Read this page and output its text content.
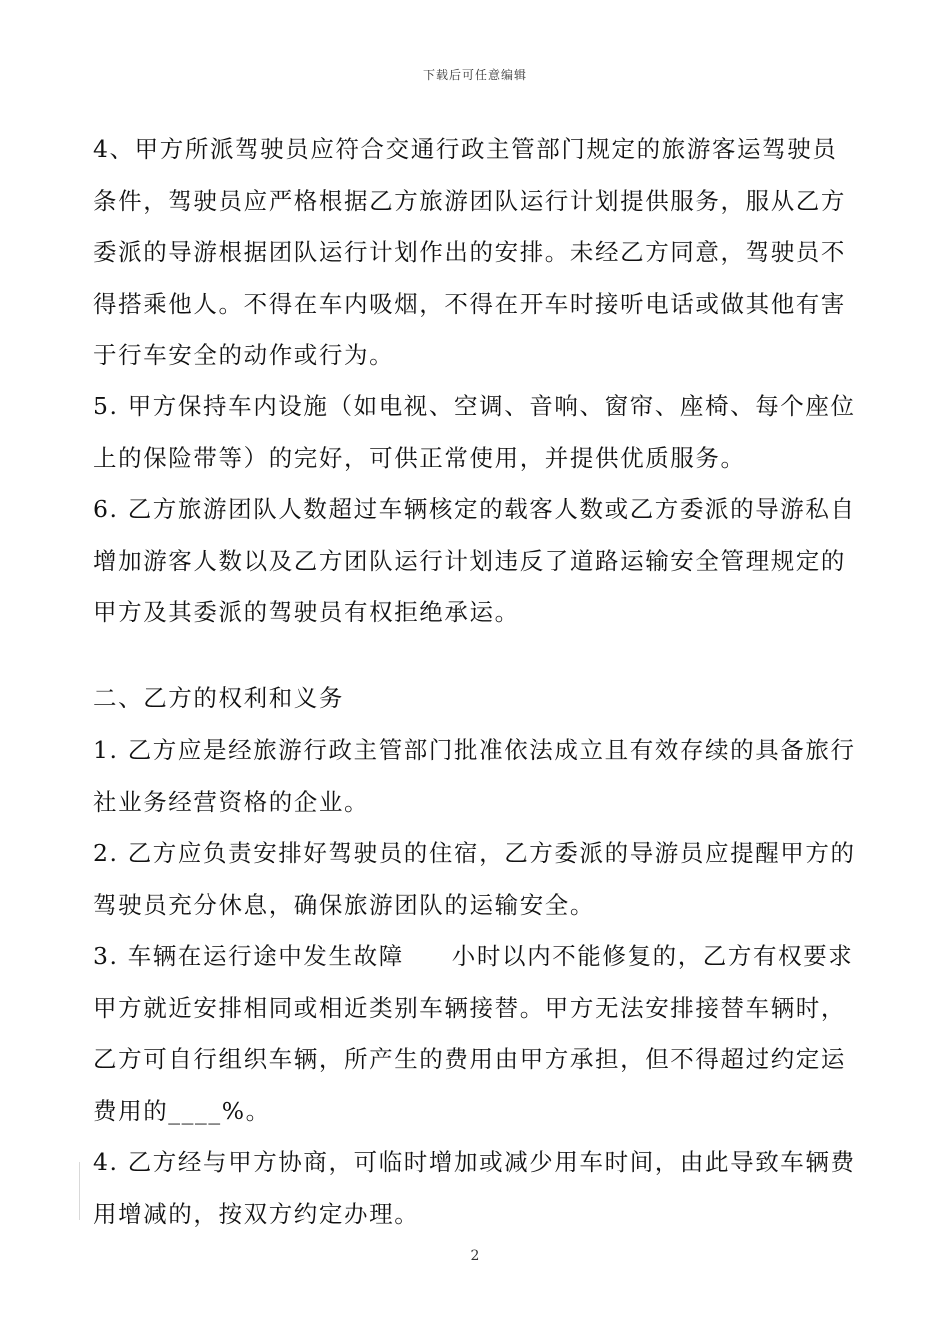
下载后可任意编辑
4、甲方所派驾驶员应符合交通行政主管部门规定的旅游客运驾驶员
条件，驾驶员应严格根据乙方旅游团队运行计划提供服务，服从乙方
委派的导游根据团队运行计划作出的安排。未经乙方同意，驾驶员不
得搭乘他人。不得在车内吸烟，不得在开车时接听电话或做其他有害
于行车安全的动作或行为。
5. 甲方保持车内设施（如电视、空调、音响、窗帘、座椅、每个座位
上的保险带等）的完好，可供正常使用，并提供优质服务。
6. 乙方旅游团队人数超过车辆核定的载客人数或乙方委派的导游私自
增加游客人数以及乙方团队运行计划违反了道路运输安全管理规定的
甲方及其委派的驾驶员有权拒绝承运。
二、乙方的权利和义务
1. 乙方应是经旅游行政主管部门批准依法成立且有效存续的具备旅行
社业务经营资格的企业。
2. 乙方应负责安排好驾驶员的住宿，乙方委派的导游员应提醒甲方的
驾驶员充分休息，确保旅游团队的运输安全。
3. 车辆在运行途中发生故障 小时以内不能修复的，乙方有权要求
甲方就近安排相同或相近类别车辆接替。甲方无法安排接替车辆时，
乙方可自行组织车辆，所产生的费用由甲方承担，但不得超过约定运
费用的____%。
4. 乙方经与甲方协商，可临时增加或减少用车时间，由此导致车辆费
用增减的，按双方约定办理。
2
